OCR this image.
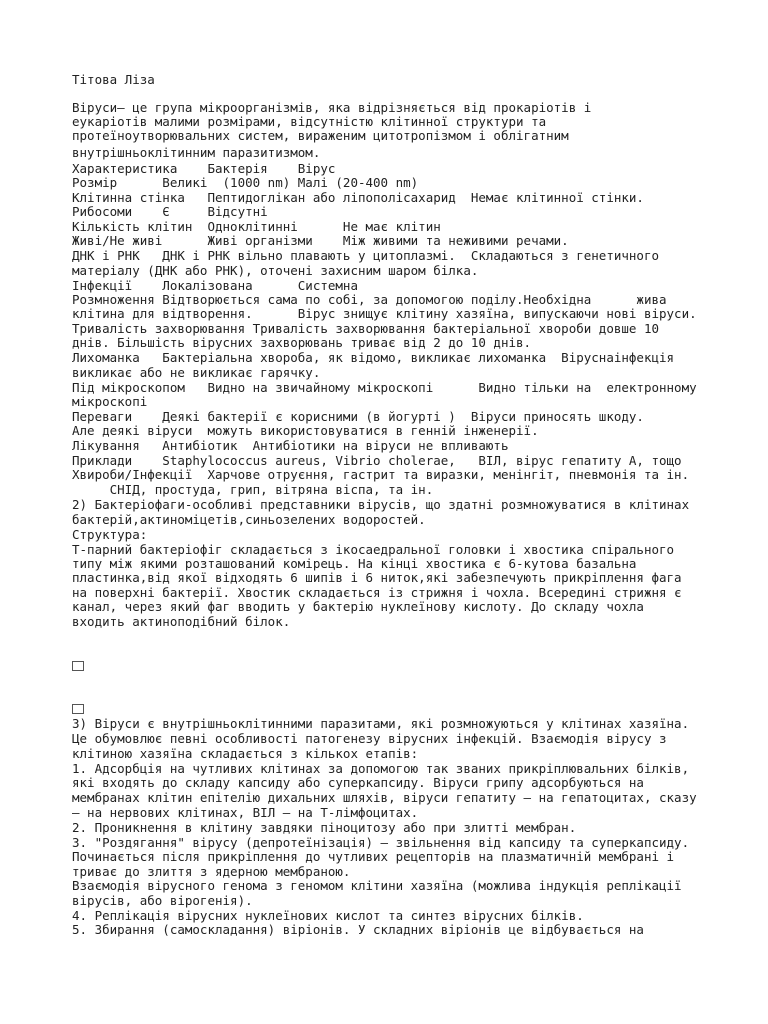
Тітова Ліза
Віруси— це група мікроорганізмів, яка відрізняється від прокаріотів і
еукаріотів малими розмірами, відсутністю клітинної структури та
протеїноутворювальних систем, вираженим цитотропізмом і облігатним
внутрішньоклітинним паразитизмом.
Характеристика    Бактерія    Вірус
Розмір      Великі  (1000 nm) Малі (20-400 nm)
Клітинна стінка   Пептидоглікан або ліпополісахарид  Немає клітинної стінки.
Рибосоми    Є     Відсутні
Кількість клітин  Одноклітинні      Не має клітин
Живі/Не живі      Живі організми    Між живими та неживими речами.
ДНК і РНК   ДНК і РНК вільно плавають у цитоплазмі.  Складаються з генетичного
матеріалу (ДНК або РНК), оточені захисним шаром білка.
Інфекції    Локалізована      Системна
Розмноження Відтворюється сама по собі, за допомогою поділу.Необхідна      жива
клітина для відтворення.      Вірус знищує клітину хазяїна, випускаючи нові віруси.
Тривалість захворювання Тривалість захворювання бактеріальної хвороби довше 10
днів. Більшість вірусних захворювань триває від 2 до 10 днів.
Лихоманка   Бактеріальна хвороба, як відомо, викликає лихоманка  Віруснаінфекція
викликає або не викликає гарячку.
Під мікроскопом   Видно на звичайному мікроскопі      Видно тільки на  електронному
мікроскопі
Переваги    Деякі бактерії є корисними (в йогурті )  Віруси приносять шкоду.
Але деякі віруси  можуть використовуватися в генній інженерії.
Лікування   Антибіотик  Антибіотики на віруси не впливають
Приклади    Staphylococcus aureus, Vibrio cholerae,   ВІЛ, вірус гепатиту А, тощо
Хвироби/Інфекції  Харчове отруєння, гастрит та виразки, менінгіт, пневмонія та ін.
СНІД, простуда, грип, вітряна віспа, та ін.
2) Бактеріофаги-особливі представники вірусів, що здатні розмножуватися в клітинах
бактерій,актиноміцетів,синьозелених водоростей.
Структура:
Т-парний бактеріофіг складається з ікосаедральної головки і хвостика спірального
типу між якими розташований комірець. На кінці хвостика є 6-кутова базальна
пластинка,від якої відходять 6 шипів і 6 ниток,які забезпечують прикріплення фага
на поверхні бактерії. Хвостик складається із стрижня і чохла. Всередині стрижня є
канал, через який фаг вводить у бактерію нуклеїнову кислоту. До складу чохла
входить актиноподібний білок.
3) Віруси є внутрішньоклітинними паразитами, які розмножуються у клітинах хазяїна.
Це обумовлює певні особливості патогенезу вірусних інфекцій. Взаємодія вірусу з
клітиною хазяїна складається з кількох етапів:
1. Адсорбція на чутливих клітинах за допомогою так званих прикріплювальних білків,
які входять до складу капсиду або суперкапсиду. Віруси грипу адсорбуються на
мембранах клітин епітелію дихальних шляхів, віруси гепатиту — на гепатоцитах, сказу
— на нервових клітинах, ВІЛ — на Т-лімфоцитах.
2. Проникнення в клітину завдяки піноцитозу або при злитті мембран.
3. "Роздягання" вірусу (депротеїнізація) — звільнення від капсиду та суперкапсиду.
Починається після прикріплення до чутливих рецепторів на плазматичній мембрані і
триває до злиття з ядерною мембраною.
Взаємодія вірусного генома з геномом клітини хазяїна (можлива індукція реплікації
вірусів, або вірогенія).
4. Реплікація вірусних нуклеїнових кислот та синтез вірусних білків.
5. Збирання (самоскладання) віріонів. У складних віріонів це відбувається на
